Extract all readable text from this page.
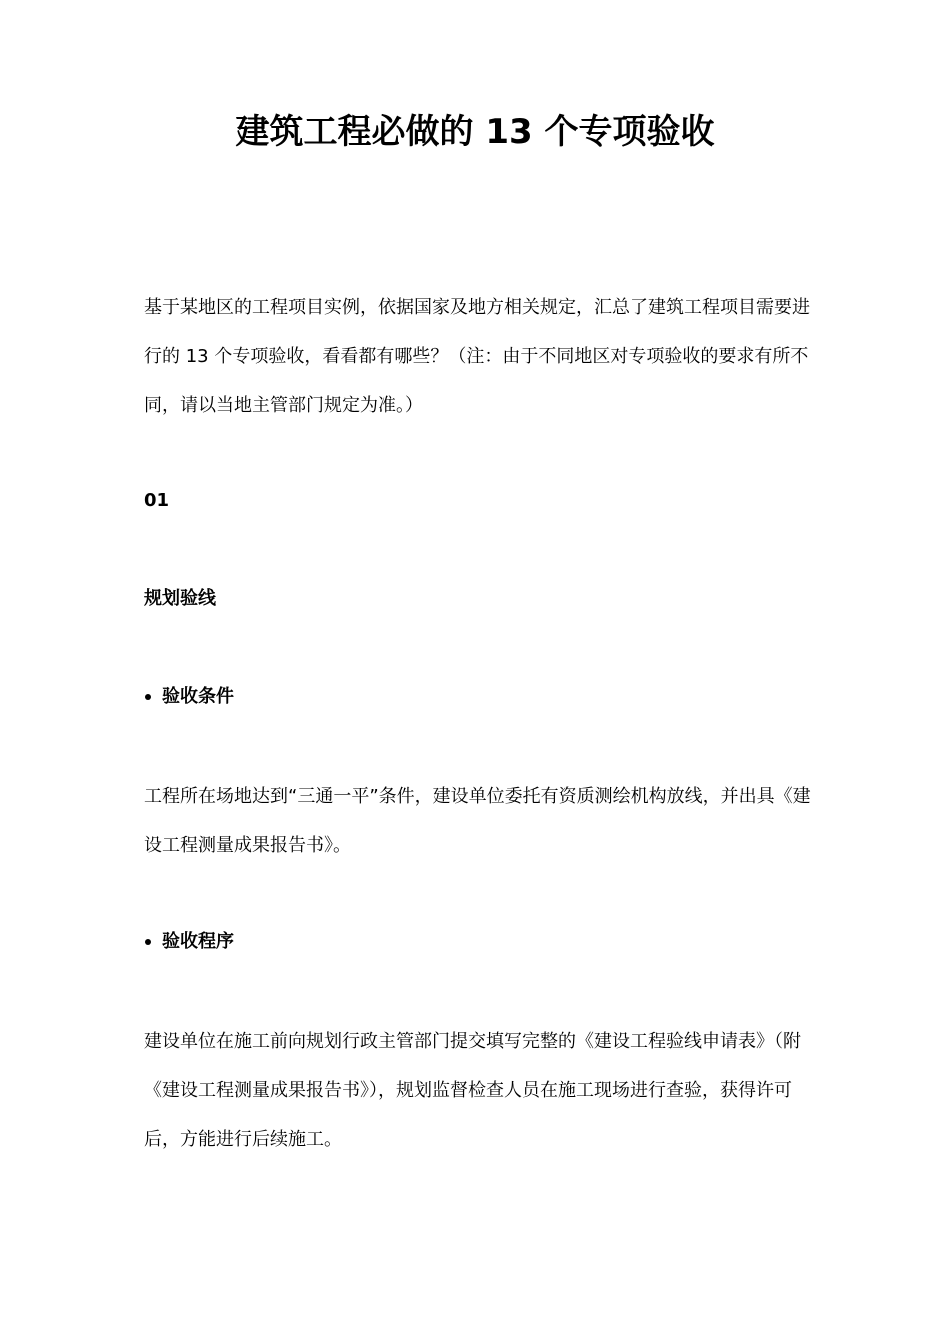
建筑工程必做的 13 个专项验收

基于某地区的工程项目实例，依据国家及地方相关规定，汇总了建筑工程项目需要进行的 13 个专项验收，看看都有哪些？（注：由于不同地区对专项验收的要求有所不同，请以当地主管部门规定为准。）

01
规划验线
验收条件

工程所在场地达到“三通一平”条件，建设单位委托有资质测绘机构放线，并出具《建设工程测量成果报告书》。

验收程序

建设单位在施工前向规划行政主管部门提交填写完整的《建设工程验线申请表》（附《建设工程测量成果报告书》），规划监督检查人员在施工现场进行查验，获得许可后，方能进行后续施工。
